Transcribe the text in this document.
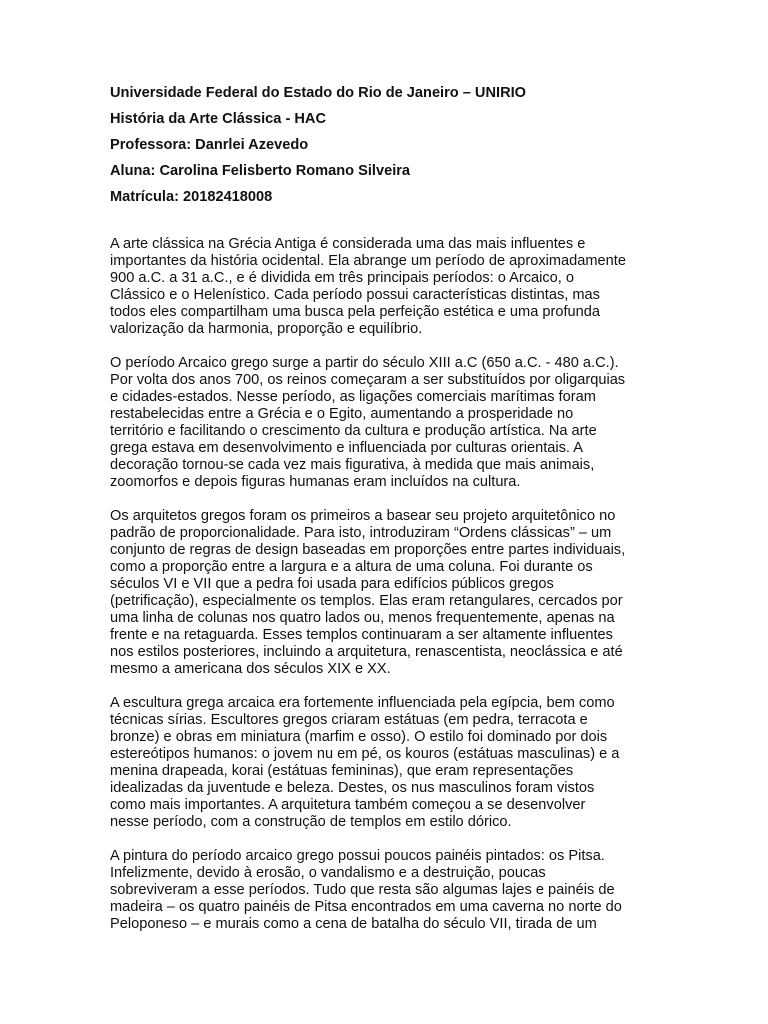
Universidade Federal do Estado do Rio de Janeiro – UNIRIO
História da Arte Clássica - HAC
Professora: Danrlei Azevedo
Aluna: Carolina Felisberto Romano Silveira
Matrícula: 20182418008
A arte clássica na Grécia Antiga é considerada uma das mais influentes e
importantes da história ocidental. Ela abrange um período de aproximadamente
900 a.C. a 31 a.C., e é dividida em três principais períodos: o Arcaico, o
Clássico e o Helenístico. Cada período possui características distintas, mas
todos eles compartilham uma busca pela perfeição estética e uma profunda
valorização da harmonia, proporção e equilíbrio.
O período Arcaico grego surge a partir do século XIII a.C (650 a.C. - 480 a.C.).
Por volta dos anos 700, os reinos começaram a ser substituídos por oligarquias
e cidades-estados. Nesse período, as ligações comerciais marítimas foram
restabelecidas entre a Grécia e o Egito, aumentando a prosperidade no
território e facilitando o crescimento da cultura e produção artística. Na arte
grega estava em desenvolvimento e influenciada por culturas orientais. A
decoração tornou-se cada vez mais figurativa, à medida que mais animais,
zoomorfos e depois figuras humanas eram incluídos na cultura.
Os arquitetos gregos foram os primeiros a basear seu projeto arquitetônico no
padrão de proporcionalidade. Para isto, introduziram “Ordens clássicas” – um
conjunto de regras de design baseadas em proporções entre partes individuais,
como a proporção entre a largura e a altura de uma coluna. Foi durante os
séculos VI e VII que a pedra foi usada para edifícios públicos gregos
(petrificação), especialmente os templos. Elas eram retangulares, cercados por
uma linha de colunas nos quatro lados ou, menos frequentemente, apenas na
frente e na retaguarda. Esses templos continuaram a ser altamente influentes
nos estilos posteriores, incluindo a arquitetura, renascentista, neoclássica e até
mesmo a americana dos séculos XIX e XX.
A escultura grega arcaica era fortemente influenciada pela egípcia, bem como
técnicas sírias. Escultores gregos criaram estátuas (em pedra, terracota e
bronze) e obras em miniatura (marfim e osso). O estilo foi dominado por dois
estereótipos humanos: o jovem nu em pé, os kouros (estátuas masculinas) e a
menina drapeada, korai (estátuas femininas), que eram representações
idealizadas da juventude e beleza. Destes, os nus masculinos foram vistos
como mais importantes. A arquitetura também começou a se desenvolver
nesse período, com a construção de templos em estilo dórico.
A pintura do período arcaico grego possui poucos painéis pintados: os Pitsa.
Infelizmente, devido à erosão, o vandalismo e a destruição, poucas
sobreviveram a esse períodos. Tudo que resta são algumas lajes e painéis de
madeira – os quatro painéis de Pitsa encontrados em uma caverna no norte do
Peloponeso – e murais como a cena de batalha do século VII, tirada de um
